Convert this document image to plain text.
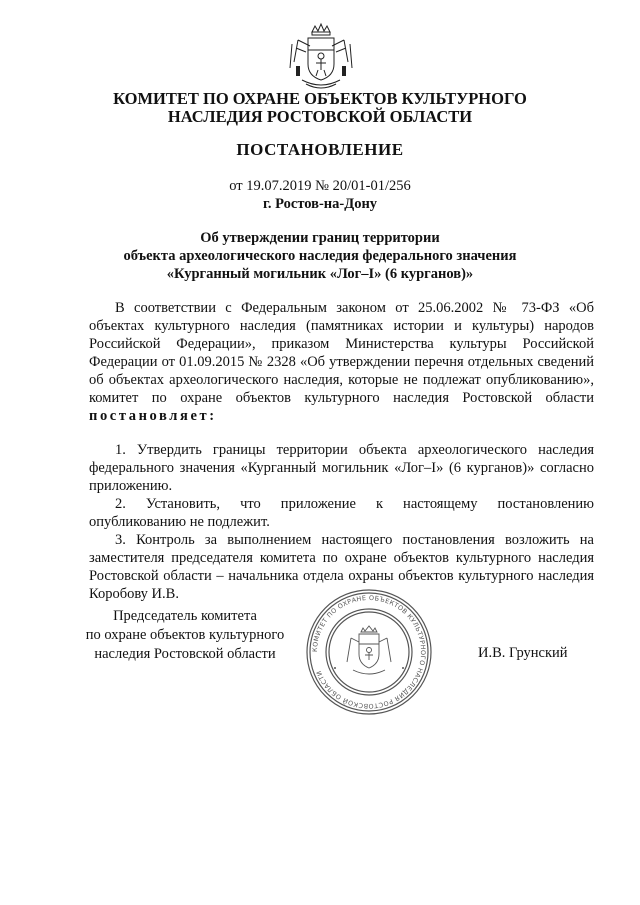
КОМИТЕТ ПО ОХРАНЕ ОБЪЕКТОВ КУЛЬТУРНОГО
НАСЛЕДИЯ РОСТОВСКОЙ ОБЛАСТИ
ПОСТАНОВЛЕНИЕ
от 19.07.2019 № 20/01-01/256
г. Ростов-на-Дону
Об утверждении границ территории
объекта археологического наследия федерального значения
«Курганный могильник «Лог–I» (6 курганов)»

В соответствии с Федеральным законом от 25.06.2002 № 73-ФЗ «Об объектах культурного наследия (памятниках истории и культуры) народов Российской Федерации», приказом Министерства культуры Российской Федерации от 01.09.2015 № 2328 «Об утверждении перечня отдельных сведений об объектах археологического наследия, которые не подлежат опубликованию», комитет по охране объектов культурного наследия Ростовской области постановляет:

1. Утвердить границы территории объекта археологического наследия федерального значения «Курганный могильник «Лог–I» (6 курганов)» согласно приложению.

2. Установить, что приложение к настоящему постановлению опубликованию не подлежит.

3. Контроль за выполнением настоящего постановления возложить на заместителя председателя комитета по охране объектов культурного наследия Ростовской области – начальника отдела охраны объектов культурного наследия Коробову И.В.

Председатель комитета
по охране объектов культурного
наследия Ростовской области	КОМИТЕТ ПО ОХРАНЕ ОБЪЕКТОВ КУЛЬТУРНОГО НАСЛЕДИЯ РОСТОВСКОЙ ОБЛАСТИ
И.В. Грунский
